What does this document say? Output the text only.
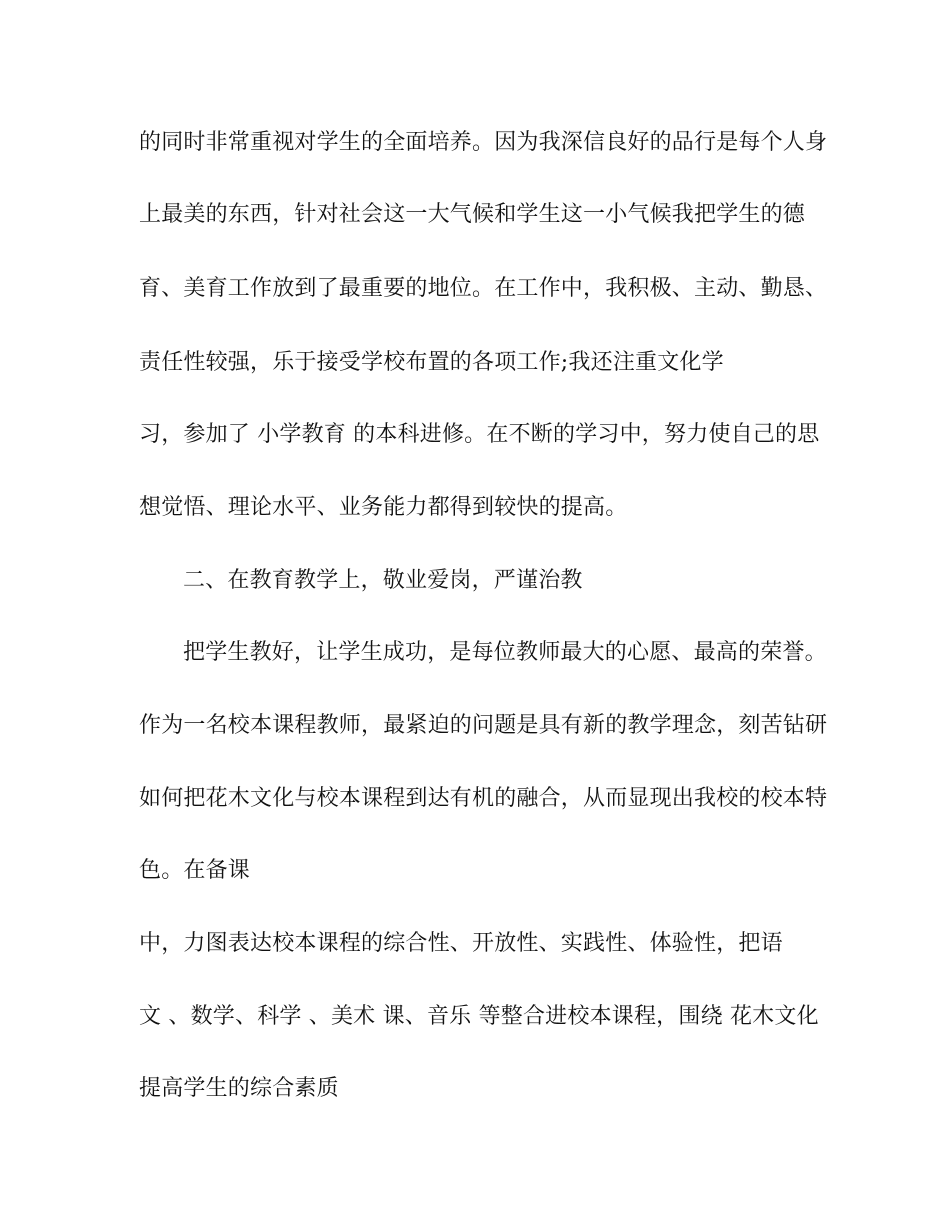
的同时非常重视对学生的全面培养。因为我深信良好的品行是每个人身
上最美的东西，针对社会这一大气候和学生这一小气候我把学生的德
育、美育工作放到了最重要的地位。在工作中，我积极、主动、勤恳、
责任性较强，乐于接受学校布置的各项工作;我还注重文化学
习，参加了 小学教育 的本科进修。在不断的学习中，努力使自己的思
想觉悟、理论水平、业务能力都得到较快的提高。
二、在教育教学上，敬业爱岗，严谨治教
把学生教好，让学生成功，是每位教师最大的心愿、最高的荣誉。
作为一名校本课程教师，最紧迫的问题是具有新的教学理念，刻苦钻研
如何把花木文化与校本课程到达有机的融合，从而显现出我校的校本特
色。在备课
中，力图表达校本课程的综合性、开放性、实践性、体验性，把语
文 、数学、科学 、美术 课、音乐 等整合进校本课程，围绕 花木文化
提高学生的综合素质
